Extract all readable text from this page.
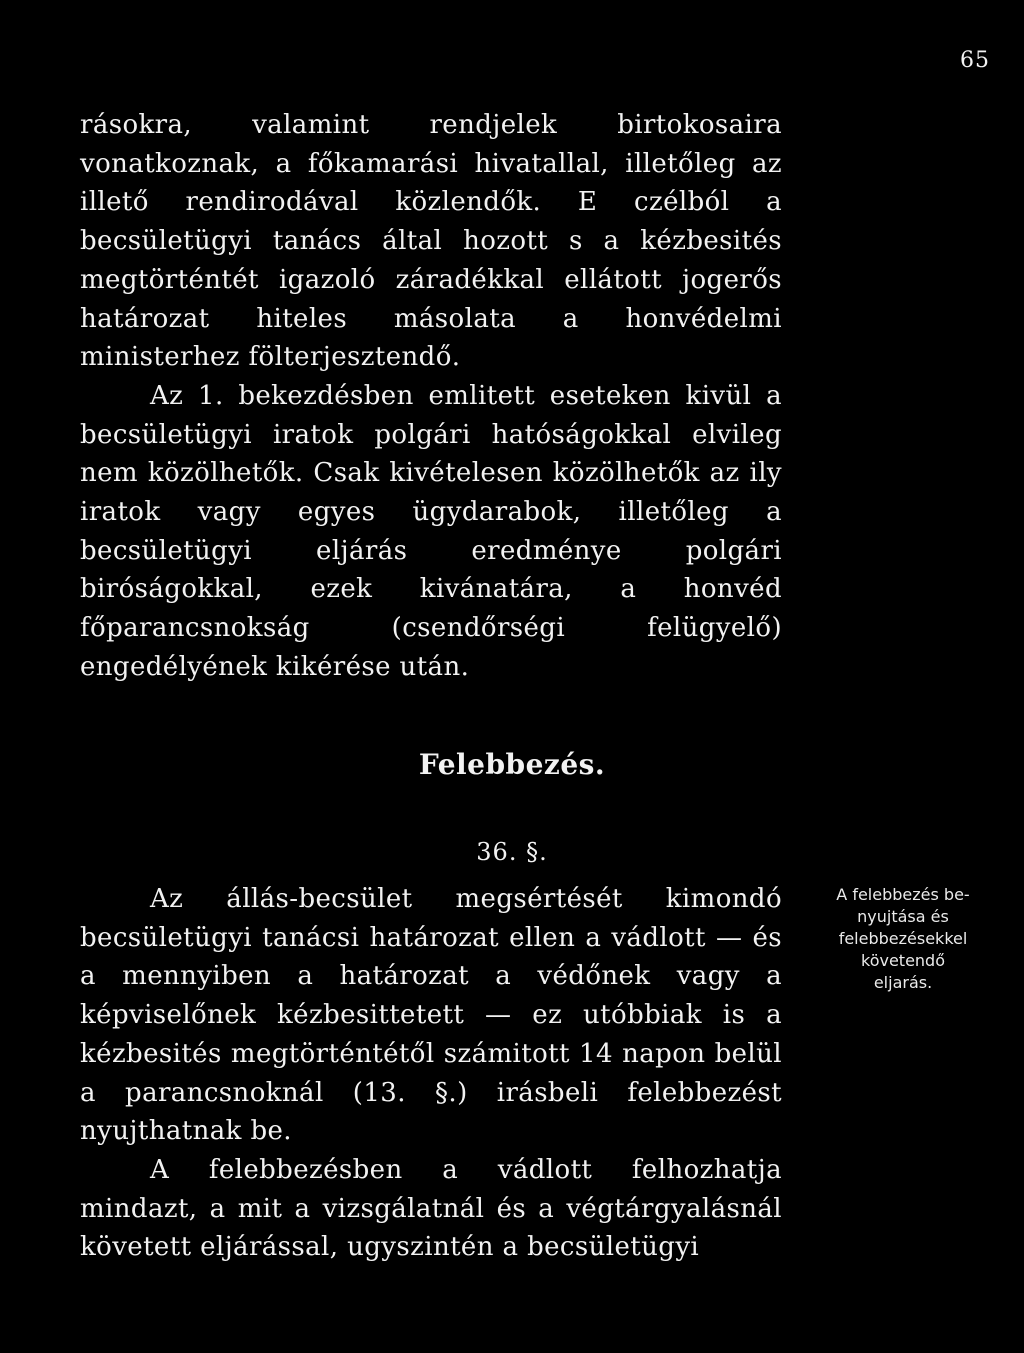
65

rásokra, valamint rendjelek birtokosaira vonatkoznak, a főkamarási hivatallal, illetőleg az illető rendirodával közlendők. E czélból a becsületügyi tanács által hozott s a kézbesités megtörténtét igazoló záradékkal ellátott jogerős határozat hiteles másolata a honvédelmi ministerhez fölterjesztendő.

Az 1. bekezdésben emlitett eseteken kivül a becsületügyi iratok polgári hatóságokkal elvileg nem közölhetők. Csak kivételesen közölhetők az ily iratok vagy egyes ügydarabok, illetőleg a becsületügyi eljárás eredménye polgári biróságokkal, ezek kivánatára, a honvéd főparancsnokság (csendőrségi felügyelő) engedélyének kikérése után.

Felebbezés.
36. §.

Az állás-becsület megsértését kimondó becsületügyi tanácsi határozat ellen a vádlott — és a mennyiben a határozat a védőnek vagy a képviselőnek kézbesittetett — ez utóbbiak is a kézbesités megtörténtétől számitott 14 napon belül a parancsnoknál (13. §.) irásbeli felebbezést nyujthatnak be.

A felebbezésben a vádlott felhozhatja mindazt, a mit a vizsgálatnál és a végtárgyalásnál követett eljárással, ugyszintén a becsületügyi

A felebbezés be-
nyujtása és
felebbezésekkel
követendő
eljarás.
